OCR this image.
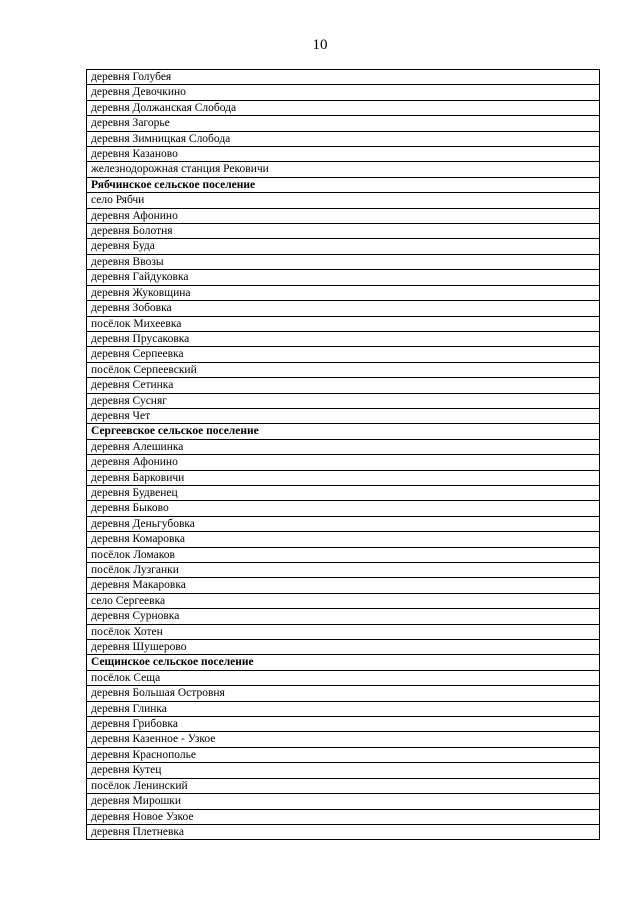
10
деревня Голубея
деревня Девочкино
деревня Должанская Слобода
деревня Загорье
деревня Зимницкая Слобода
деревня Казаново
железнодорожная станция Рековичи
Рябчинское сельское поселение
село Рябчи
деревня Афонино
деревня Болотня
деревня Буда
деревня Ввозы
деревня Гайдуковка
деревня Жуковщина
деревня Зобовка
посёлок Михеевка
деревня Прусаковка
деревня Серпеевка
посёлок Серпеевский
деревня Сетинка
деревня Сусняг
деревня Чет
Сергеевское сельское поселение
деревня Алешинка
деревня Афонино
деревня Барковичи
деревня Будвенец
деревня Быково
деревня Деньгубовка
деревня Комаровка
посёлок Ломаков
посёлок Лузганки
деревня Макаровка
село Сергеевка
деревня Сурновка
посёлок Хотен
деревня Шушерово
Сещинское сельское поселение
посёлок Сеща
деревня Большая Островня
деревня Глинка
деревня Грибовка
деревня Казенное - Узкое
деревня Краснополье
деревня Кутец
посёлок Ленинский
деревня Мирошки
деревня Новое Узкое
деревня Плетневка
